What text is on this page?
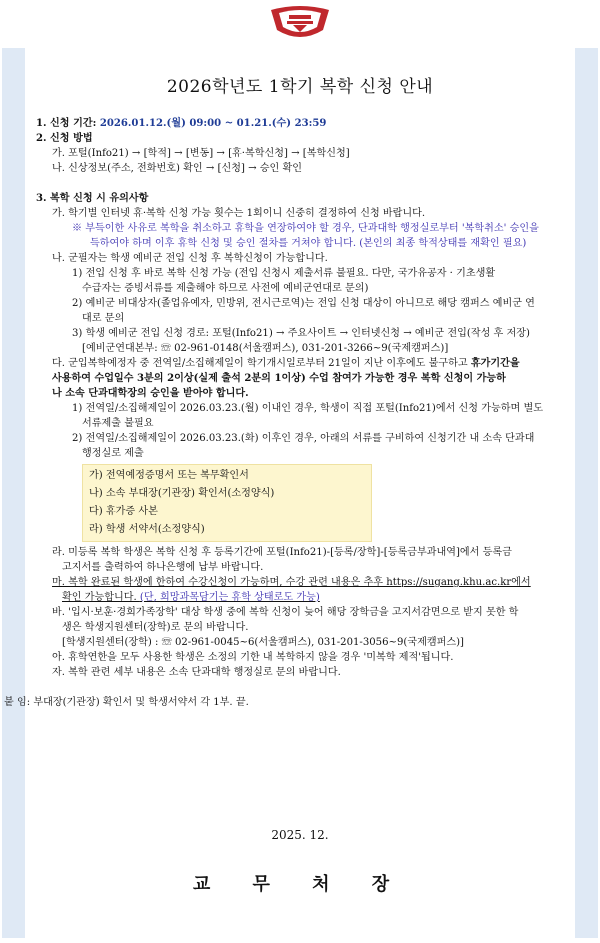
2026학년도 1학기 복학 신청 안내
1. 신청 기간: 2026.01.12.(월) 09:00 ~ 01.21.(수) 23:59
2. 신청 방법
가. 포털(Info21) → [학적] → [변동] → [휴·복학신청] → [복학신청]
나. 신상정보(주소, 전화번호) 확인 → [신청] → 승인 확인
3. 복학 신청 시 유의사항
가. 학기별 인터넷 휴·복학 신청 가능 횟수는 1회이니 신중히 결정하여 신청 바랍니다.
※ 부득이한 사유로 복학을 취소하고 휴학을 연장하여야 할 경우, 단과대학 행정실로부터 '복학취소' 승인을
득하여야 하며 이후 휴학 신청 및 승인 절차를 거쳐야 합니다. (본인의 최종 학적상태를 재확인 필요)
나. 군필자는 학생 예비군 전입 신청 후 복학신청이 가능합니다.
1) 전입 신청 후 바로 복학 신청 가능 (전입 신청시 제출서류 불필요. 다만, 국가유공자 · 기초생활
수급자는 증빙서류를 제출해야 하므로 사전에 예비군연대로 문의)
2) 예비군 비대상자(졸업유예자, 민방위, 전시근로역)는 전입 신청 대상이 아니므로 해당 캠퍼스 예비군 연
대로 문의
3) 학생 예비군 전입 신청 경로: 포털(Info21) → 주요사이트 → 인터넷신청 → 예비군 전입(작성 후 저장)
[예비군연대본부: ☏ 02-961-0148(서울캠퍼스), 031-201-3266~9(국제캠퍼스)]
다. 군입복학예정자 중 전역일/소집해제일이 학기개시일로부터 21일이 지난 이후에도 불구하고 휴가기간을
사용하여 수업일수 3분의 2이상(실제 출석 2분의 1이상) 수업 참여가 가능한 경우 복학 신청이 가능하
나 소속 단과대학장의 승인을 받아야 합니다.
1) 전역일/소집해제일이 2026.03.23.(월) 이내인 경우, 학생이 직접 포털(Info21)에서 신청 가능하며 별도
서류제출 불필요
2) 전역일/소집해제일이 2026.03.23.(화) 이후인 경우, 아래의 서류를 구비하여 신청기간 내 소속 단과대
행정실로 제출
가) 전역예정증명서 또는 복무확인서
나) 소속 부대장(기관장) 확인서(소정양식)
다) 휴가증 사본
라) 학생 서약서(소정양식)
라. 미등록 복학 학생은 복학 신청 후 등록기간에 포털(Info21)-[등록/장학]-[등록금부과내역]에서 등록금
고지서를 출력하여 하나은행에 납부 바랍니다.
마. 복학 완료된 학생에 한하여 수강신청이 가능하며, 수강 관련 내용은 추후 https://sugang.khu.ac.kr에서
확인 가능합니다. (단, 희망과목담기는 휴학 상태로도 가능)
바. '입시·보훈·경희가족장학' 대상 학생 중에 복학 신청이 늦어 해당 장학금을 고지서감면으로 받지 못한 학
생은 학생지원센터(장학)로 문의 바랍니다.
[학생지원센터(장학) : ☏ 02-961-0045~6(서울캠퍼스), 031-201-3056~9(국제캠퍼스)]
아. 휴학연한을 모두 사용한 학생은 소정의 기한 내 복학하지 않을 경우 '미복학 제적'됩니다.
자. 복학 관련 세부 내용은 소속 단과대학 행정실로 문의 바랍니다.
붙 임: 부대장(기관장) 확인서 및 학생서약서 각 1부. 끝.
2025. 12.
교 무 처 장
